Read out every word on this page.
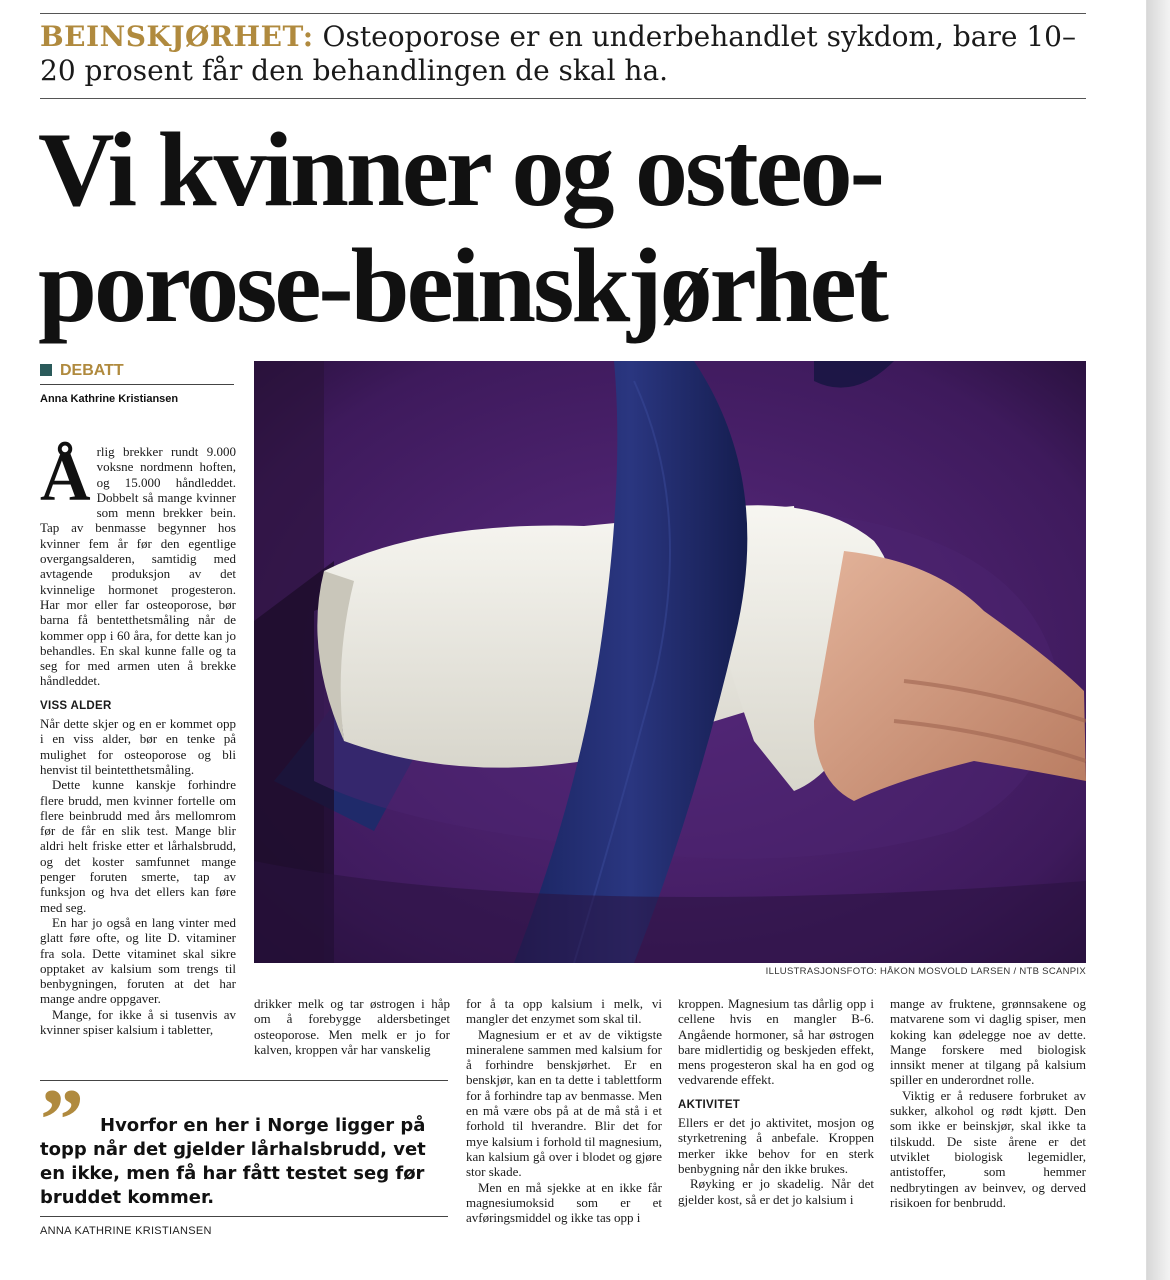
BEINSKJØRHET: Osteoporose er en underbehandlet sykdom, bare 10–20 prosent får den behandlingen de skal ha.
Vi kvinner og osteo-
porose-beinskjørhet
DEBATT
Anna Kathrine Kristiansen

Årlig brekker rundt 9.000 voksne nordmenn hoften, og 15.000 håndleddet. Dobbelt så mange kvinner som menn brekker bein. Tap av benmasse begynner hos kvinner fem år før den egentlige overgangsalderen, samtidig med avtagende produksjon av det kvinnelige hormonet progesteron. Har mor eller far osteoporose, bør barna få bentetthetsmåling når de kommer opp i 60 åra, for dette kan jo behandles. En skal kunne falle og ta seg for med armen uten å brekke håndleddet.

VISS ALDER

Når dette skjer og en er kommet opp i en viss alder, bør en tenke på mulighet for osteoporose og bli henvist til beintetthetsmåling.

Dette kunne kanskje forhindre flere brudd, men kvinner fortelle om flere beinbrudd med års mellomrom før de får en slik test. Mange blir aldri helt friske etter et lårhalsbrudd, og det koster samfunnet mange penger foruten smerte, tap av funksjon og hva det ellers kan føre med seg.

En har jo også en lang vinter med glatt føre ofte, og lite D. vitaminer fra sola. Dette vitaminet skal sikre opptaket av kalsium som trengs til benbygningen, foruten at det har mange andre oppgaver.

Mange, for ikke å si tusenvis av kvinner spiser kalsium i tabletter,

ILLUSTRASJONSFOTO: HÅKON MOSVOLD LARSEN / NTB SCANPIX

drikker melk og tar østrogen i håp om å forebygge aldersbetinget osteoporose. Men melk er jo for kalven, kroppen vår har vanskelig

for å ta opp kalsium i melk, vi mangler det enzymet som skal til.

Magnesium er et av de viktigste mineralene sammen med kalsium for å forhindre benskjørhet. Er en benskjør, kan en ta dette i tablettform for å forhindre tap av benmasse. Men en må være obs på at de må stå i et forhold til hverandre. Blir det for mye kalsium i forhold til magnesium, kan kalsium gå over i blodet og gjøre stor skade.

Men en må sjekke at en ikke får magnesiumoksid som er et avføringsmiddel og ikke tas opp i

kroppen. Magnesium tas dårlig opp i cellene hvis en mangler B-6. Angående hormoner, så har østrogen bare midlertidig og beskjeden effekt, mens progesteron skal ha en god og vedvarende effekt.

AKTIVITET

Ellers er det jo aktivitet, mosjon og styrketrening å anbefale. Kroppen merker ikke behov for en sterk benbygning når den ikke brukes.

Røyking er jo skadelig. Når det gjelder kost, så er det jo kalsium i

mange av fruktene, grønnsakene og matvarene som vi daglig spiser, men koking kan ødelegge noe av dette. Mange forskere med biologisk innsikt mener at tilgang på kalsium spiller en underordnet rolle.

Viktig er å redusere forbruket av sukker, alkohol og rødt kjøtt. Den som ikke er beinskjør, skal ikke ta tilskudd. De siste årene er det utviklet biologisk legemidler, antistoffer, som hemmer nedbrytingen av beinvev, og derved risikoen for benbrudd.

” Hvorfor en her i Norge ligger på topp når det gjelder lårhalsbrudd, vet en ikke, men få har fått testet seg før bruddet kommer.
ANNA KATHRINE KRISTIANSEN
